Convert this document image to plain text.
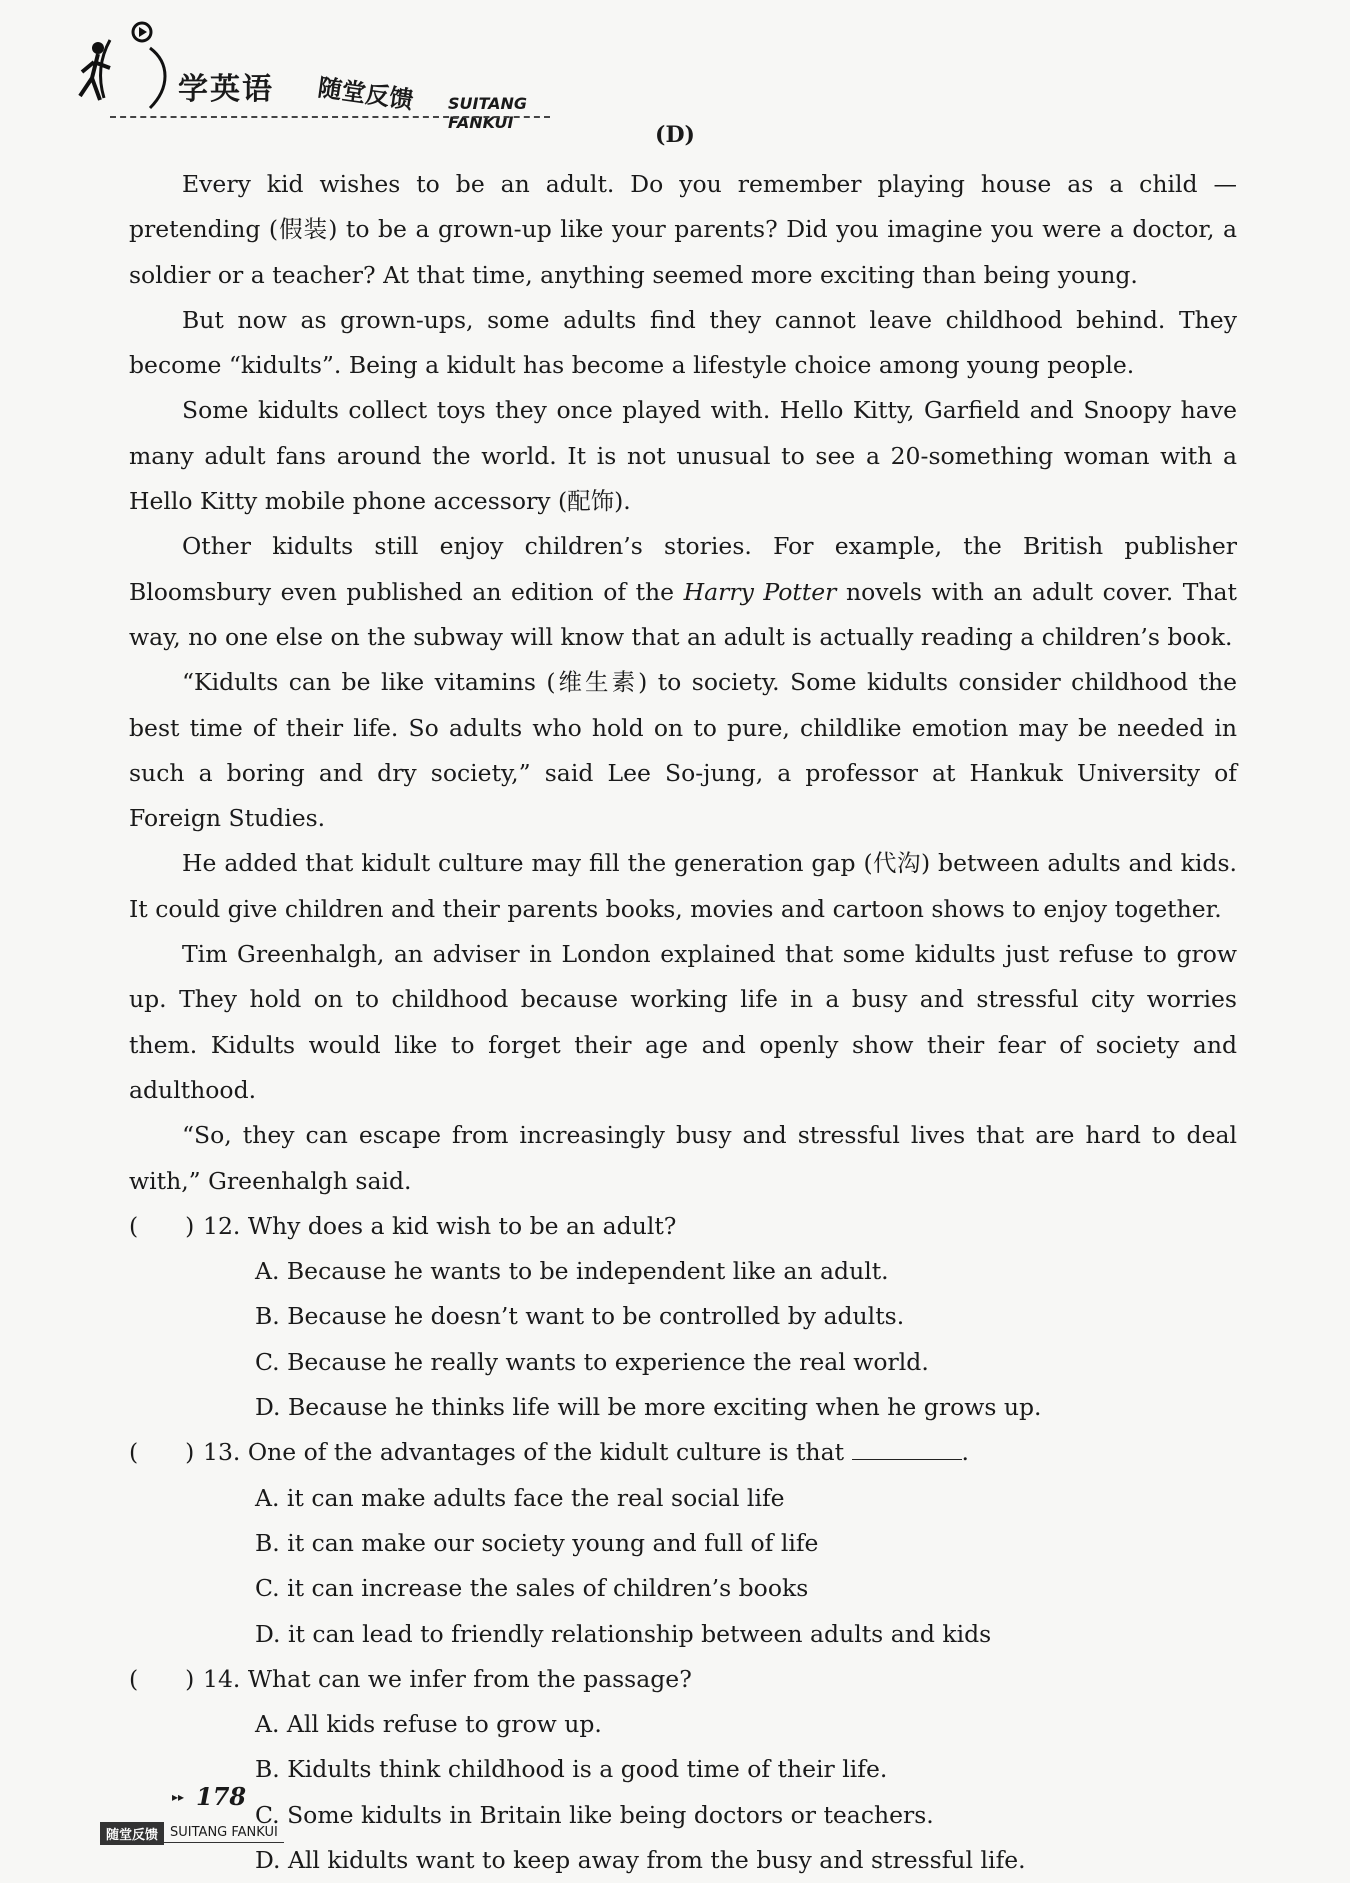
学英语 随堂反馈 SUITANG FANKUI	(D)

Every kid wishes to be an adult. Do you remember playing house as a child — pretending (假装) to be a grown-up like your parents? Did you imagine you were a doctor, a soldier or a teacher? At that time, anything seemed more exciting than being young.

But now as grown-ups, some adults find they cannot leave childhood behind. They become “kidults”. Being a kidult has become a lifestyle choice among young people.

Some kidults collect toys they once played with. Hello Kitty, Garfield and Snoopy have many adult fans around the world. It is not unusual to see a 20-something woman with a Hello Kitty mobile phone accessory (配饰).

Other kidults still enjoy children’s stories. For example, the British publisher Bloomsbury even published an edition of the Harry Potter novels with an adult cover. That way, no one else on the subway will know that an adult is actually reading a children’s book.

“Kidults can be like vitamins (维生素) to society. Some kidults consider childhood the best time of their life. So adults who hold on to pure, childlike emotion may be needed in such a boring and dry society,” said Lee So-jung, a professor at Hankuk University of Foreign Studies.

He added that kidult culture may fill the generation gap (代沟) between adults and kids. It could give children and their parents books, movies and cartoon shows to enjoy together.

Tim Greenhalgh, an adviser in London explained that some kidults just refuse to grow up. They hold on to childhood because working life in a busy and stressful city worries them. Kidults would like to forget their age and openly show their fear of society and adulthood.

“So, they can escape from increasingly busy and stressful lives that are hard to deal with,” Greenhalgh said.

(　　) 12. Why does a kid wish to be an adult?
A. Because he wants to be independent like an adult.
B. Because he doesn’t want to be controlled by adults.
C. Because he really wants to experience the real world.
D. Because he thinks life will be more exciting when he grows up.
(　　) 13. One of the advantages of the kidult culture is that	.
A. it can make adults face the real social life
B. it can make our society young and full of life
C. it can increase the sales of children’s books
D. it can lead to friendly relationship between adults and kids
(　　) 14. What can we infer from the passage?
A. All kids refuse to grow up.
B. Kidults think childhood is a good time of their life.
C. Some kidults in Britain like being doctors or teachers.
D. All kidults want to keep away from the busy and stressful life.
▸▸ 178
随堂反馈 SUITANG FANKUI
